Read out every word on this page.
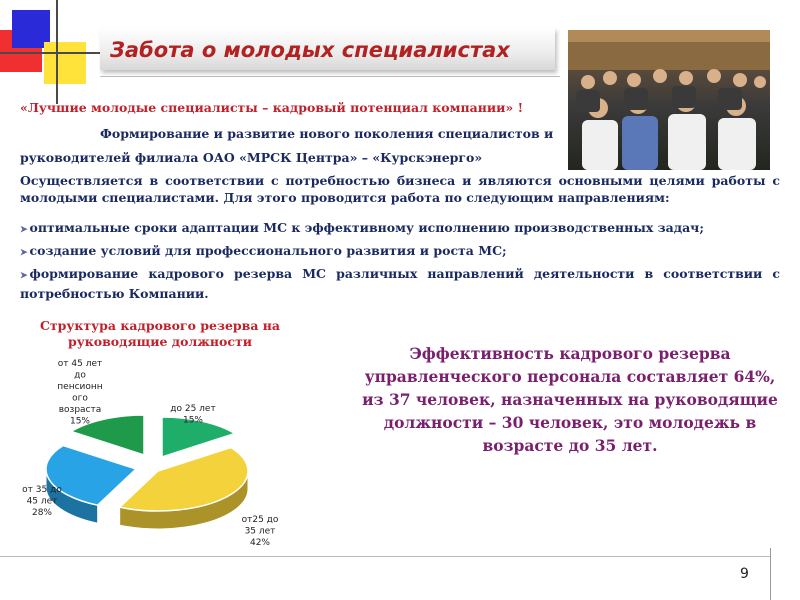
Забота о молодых специалистах

«Лучшие молодые специалисты – кадровый потенциал компании» !

Формирование и развитие нового поколения специалистов и

руководителей филиала ОАО «МРСК Центра» – «Курскэнерго»

Осуществляется в соответствии с потребностью бизнеса и являются основными целями работы с молодыми специалистами. Для этого проводится работа по следующим направлениям:

➤ оптимальные сроки адаптации МС к эффективному исполнению производственных задач;

➤ создание условий для профессионального развития и роста МС;

➤ формирование кадрового резерва МС различных направлений деятельности в соответствии с потребностью Компании.

Структура кадрового резерва на руководящие должности

до 25 лет 15%
от25 до 35 лет 42%
от 35 до 45 лет 28%
от 45 лет до пенсионн ого возраста 15%

Эффективность кадрового резерва управленческого персонала составляет 64%, из 37 человек, назначенных на руководящие должности – 30 человек, это молодежь в возрасте до 35 лет.

9
